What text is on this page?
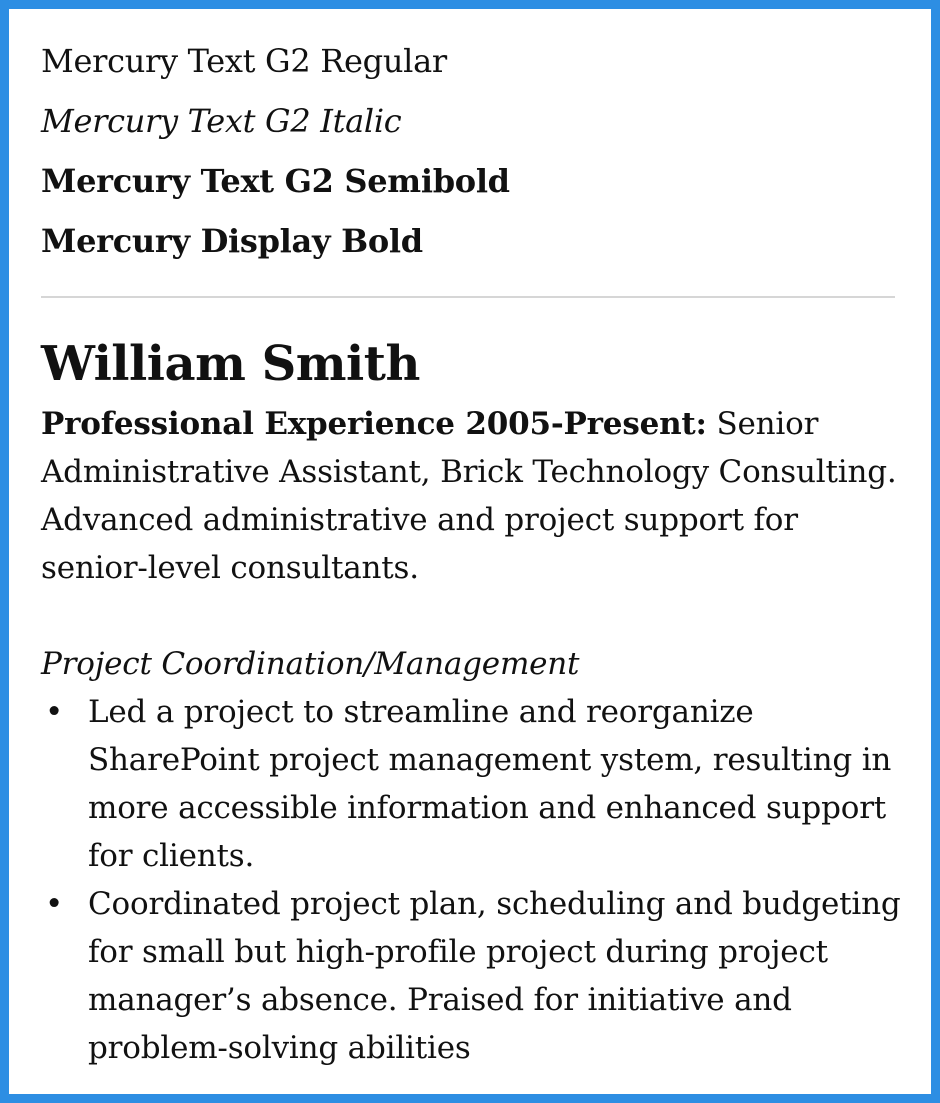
Mercury Text G2 Regular
Mercury Text G2 Italic
Mercury Text G2 Semibold
Mercury Display Bold
William Smith

Professional Experience 2005-Present: Senior Administrative Assistant, Brick Technology Consulting. Advanced administrative and project support for senior-level consultants.

Project Coordination/Management
• Led a project to streamline and reorganize SharePoint project management ystem, resulting in more accessible information and enhanced support for clients.
• Coordinated project plan, scheduling and budgeting for small but high-profile project during project manager’s absence. Praised for initiative and problem-solving abilities
